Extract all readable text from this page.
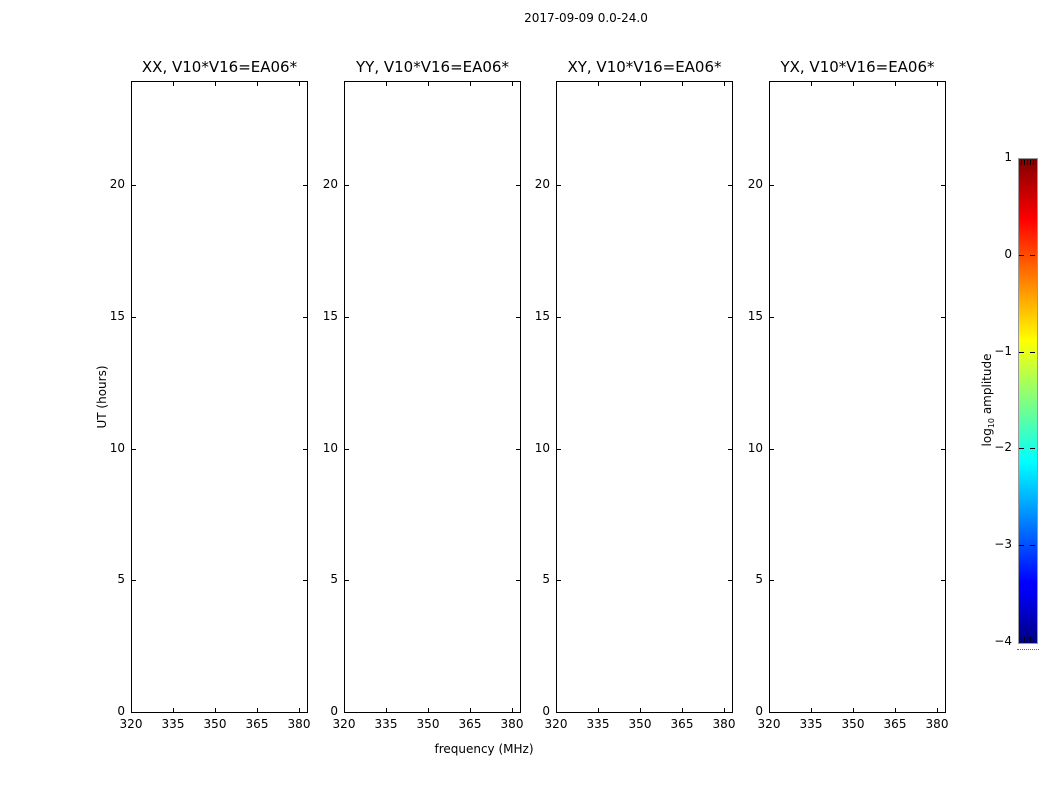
2017-09-09 0.0-24.0
XX, V10*V16=EA06*
320	335	350	365	380
0
5
10
15
20
YY, V10*V16=EA06*
320	335	350	365	380
0
5
10
15
20
XY, V10*V16=EA06*
320	335	350	365	380
0
5
10
15
20
YX, V10*V16=EA06*
320	335	350	365	380
0
5
10
15
20
UT (hours)
frequency (MHz)
1
0
−1
−2
−3
−4
$\log_{10}$ amplitude
